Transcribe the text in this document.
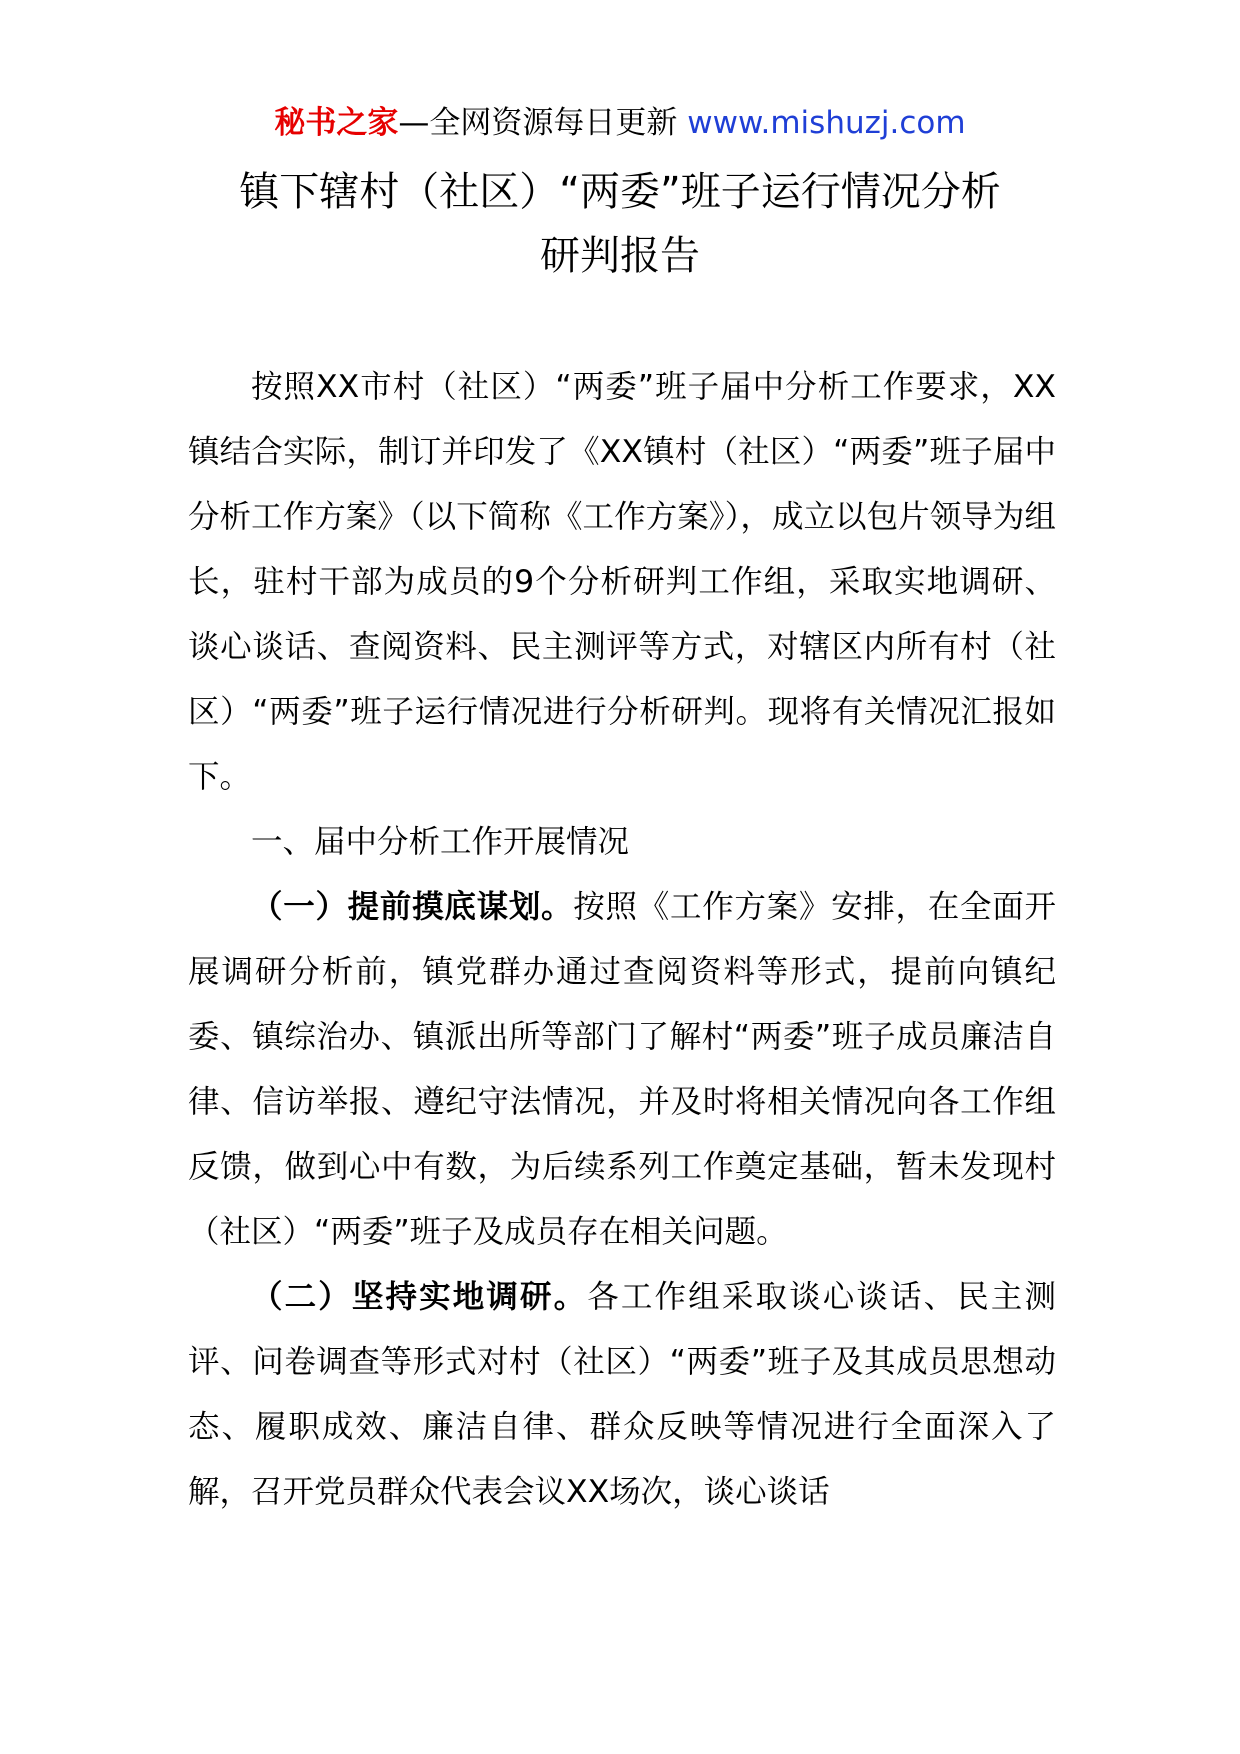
秘书之家—全网资源每日更新 www.mishuzj.com
镇下辖村（社区）“两委”班子运行情况分析
研判报告

按照XX市村（社区）“两委”班子届中分析工作要求，XX镇结合实际，制订并印发了《XX镇村（社区）“两委”班子届中分析工作方案》（以下简称《工作方案》），成立以包片领导为组长，驻村干部为成员的9个分析研判工作组，采取实地调研、谈心谈话、查阅资料、民主测评等方式，对辖区内所有村（社区）“两委”班子运行情况进行分析研判。现将有关情况汇报如下。

一、届中分析工作开展情况

（一）提前摸底谋划。按照《工作方案》安排，在全面开展调研分析前，镇党群办通过查阅资料等形式，提前向镇纪委、镇综治办、镇派出所等部门了解村“两委”班子成员廉洁自律、信访举报、遵纪守法情况，并及时将相关情况向各工作组反馈，做到心中有数，为后续系列工作奠定基础，暂未发现村（社区）“两委”班子及成员存在相关问题。

（二）坚持实地调研。各工作组采取谈心谈话、民主测评、问卷调查等形式对村（社区）“两委”班子及其成员思想动态、履职成效、廉洁自律、群众反映等情况进行全面深入了解，召开党员群众代表会议XX场次，谈心谈话
